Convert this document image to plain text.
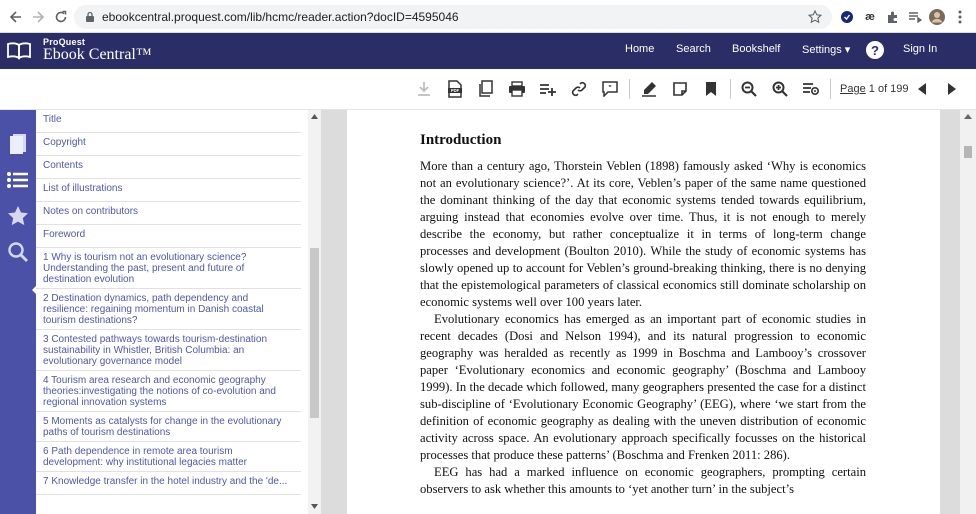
ebookcentral.proquest.com/lib/hcmc/reader.action?docID=4595046	æ
ProQuest
Ebook Central™	Home Search Bookshelf Settings ▾	?	Sign In
PDF	"	Page 1 of 199
Title
Copyright
Contents
List of illustrations
Notes on contributors
Foreword
1 Why is tourism not an evolutionary science? Understanding the past, present and future of destination evolution
2 Destination dynamics, path dependency and resilience: regaining momentum in Danish coastal tourism destinations?
3 Contested pathways towards tourism-destination sustainability in Whistler, British Columbia: an evolutionary governance model
4 Tourism area research and economic geography theories:investigating the notions of co-evolution and regional innovation systems
5 Moments as catalysts for change in the evolutionary paths of tourism destinations
6 Path dependence in remote area tourism development: why institutional legacies matter
7 Knowledge transfer in the hotel industry and the 'de...
Introduction

More than a century ago, Thorstein Veblen (1898) famously asked ‘Why is economics not an evolutionary science?’. At its core, Veblen’s paper of the same name questioned the dominant thinking of the day that economic systems tended towards equilibrium, arguing instead that economies evolve over time. Thus, it is not enough to merely describe the economy, but rather conceptualize it in terms of long-term change processes and development (Boulton 2010). While the study of economic systems has slowly opened up to account for Veblen’s ground-breaking thinking, there is no denying that the epistemological parameters of classical economics still dominate scholarship on economic systems well over 100 years later.

Evolutionary economics has emerged as an important part of economic studies in recent decades (Dosi and Nelson 1994), and its natural progression to economic geography was heralded as recently as 1999 in Boschma and Lambooy’s crossover paper ‘Evolutionary economics and economic geography’ (Boschma and Lambooy 1999). In the decade which followed, many geographers presented the case for a distinct sub-discipline of ‘Evolutionary Economic Geography’ (EEG), where ‘we start from the definition of economic geography as dealing with the uneven distribution of economic activity across space. An evolutionary approach specifically focusses on the historical processes that produce these patterns’ (Boschma and Frenken 2011: 286).

EEG has had a marked influence on economic geographers, prompting certain observers to ask whether this amounts to ‘yet another turn’ in the subject’s
